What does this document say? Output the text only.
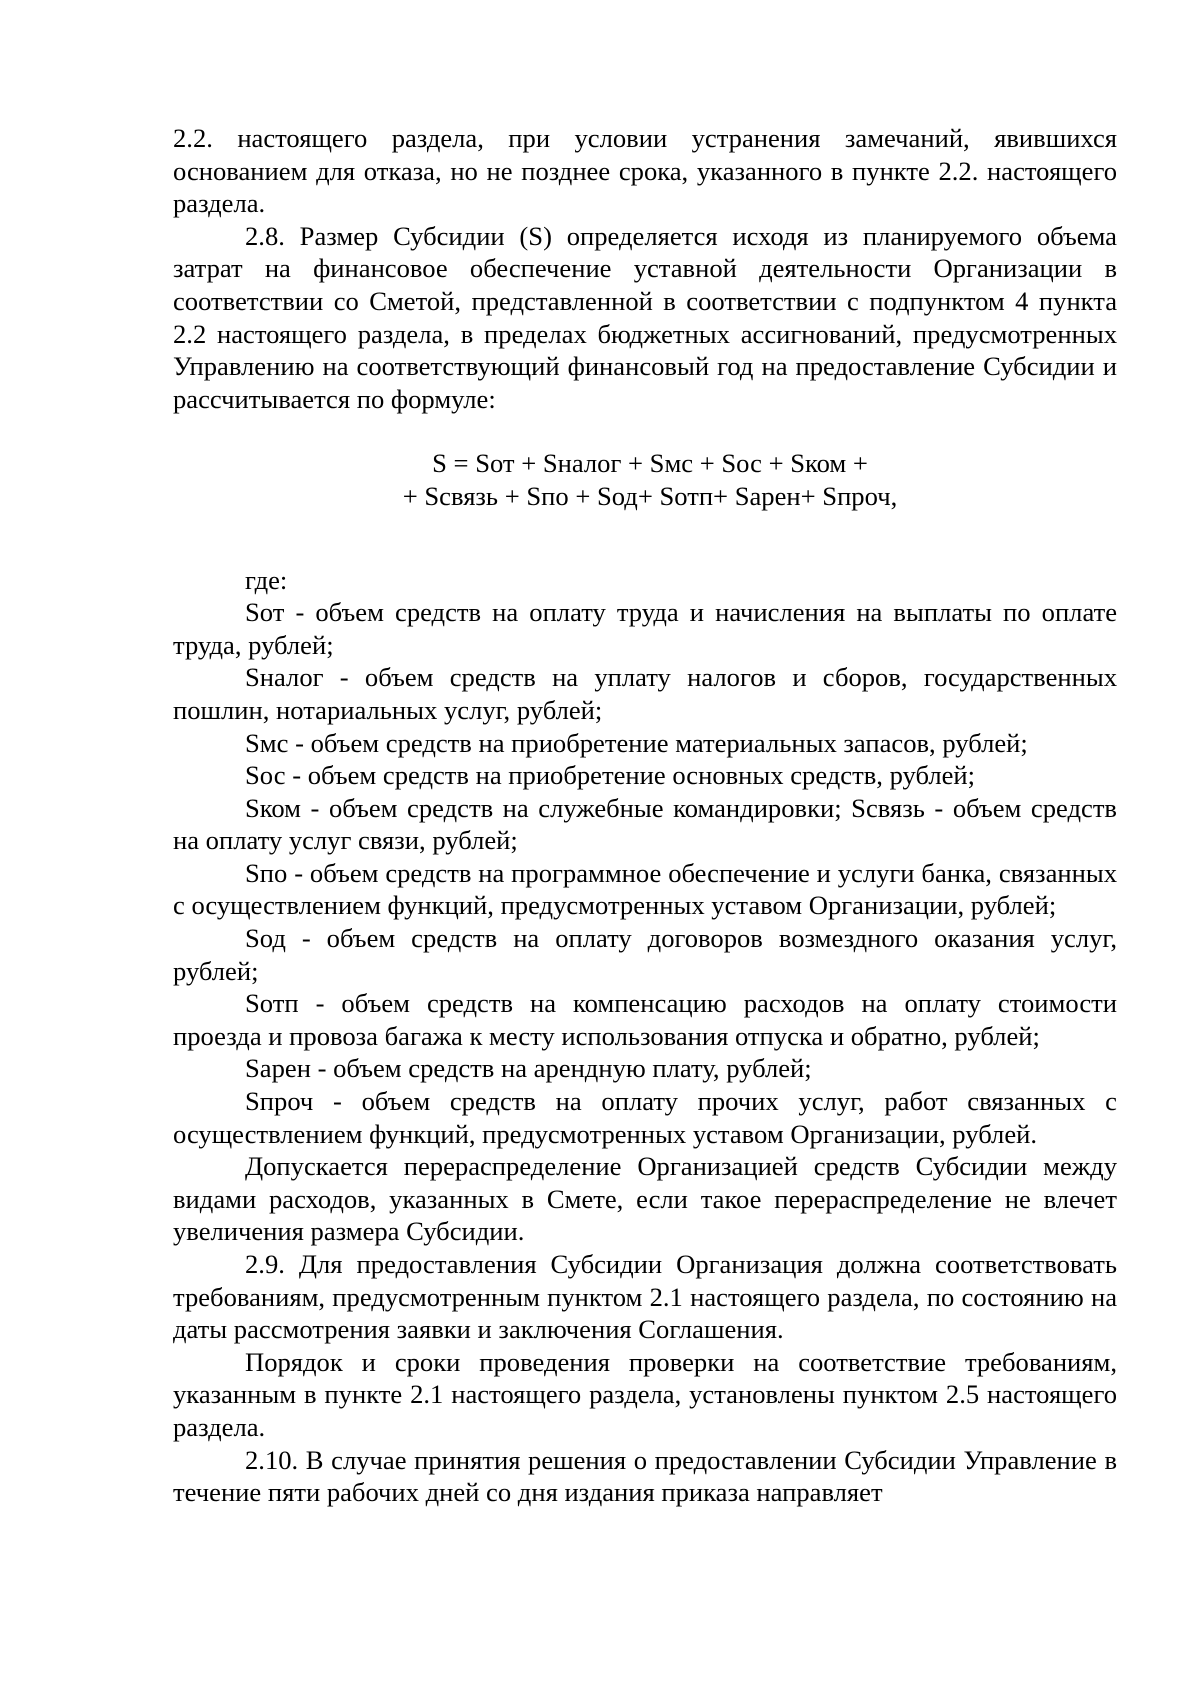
2.2. настоящего раздела, при условии устранения замечаний, явившихся основанием для отказа, но не позднее срока, указанного в пункте 2.2. настоящего раздела.

2.8. Размер Субсидии (S) определяется исходя из планируемого объема затрат на финансовое обеспечение уставной деятельности Организации в соответствии со Сметой, представленной в соответствии с подпунктом 4 пункта 2.2 настоящего раздела, в пределах бюджетных ассигнований, предусмотренных Управлению на соответствующий финансовый год на предоставление Субсидии и рассчитывается по формуле:

S = Sот + Sналог + Sмс + Sос + Sком +
+ Sсвязь + Sпо + Sод+ Sотп+ Sарен+ Sпроч,

где:

Sот - объем средств на оплату труда и начисления на выплаты по оплате труда, рублей;

Sналог - объем средств на уплату налогов и сборов, государственных пошлин, нотариальных услуг, рублей;

Sмс - объем средств на приобретение материальных запасов, рублей;

Sос - объем средств на приобретение основных средств, рублей;

Sком - объем средств на служебные командировки; Sсвязь - объем средств на оплату услуг связи, рублей;

Sпо - объем средств на программное обеспечение и услуги банка, связанных с осуществлением функций, предусмотренных уставом Организации, рублей;

Sод - объем средств на оплату договоров возмездного оказания услуг, рублей;

Sотп - объем средств на компенсацию расходов на оплату стоимости проезда и провоза багажа к месту использования отпуска и обратно, рублей;

Sарен - объем средств на арендную плату, рублей;

Sпроч - объем средств на оплату прочих услуг, работ связанных с осуществлением функций, предусмотренных уставом Организации, рублей.

Допускается перераспределение Организацией средств Субсидии между видами расходов, указанных в Смете, если такое перераспределение не влечет увеличения размера Субсидии.

2.9. Для предоставления Субсидии Организация должна соответствовать требованиям, предусмотренным пунктом 2.1 настоящего раздела, по состоянию на даты рассмотрения заявки и заключения Соглашения.

Порядок и сроки проведения проверки на соответствие требованиям, указанным в пункте 2.1 настоящего раздела, установлены пунктом 2.5 настоящего раздела.

2.10. В случае принятия решения о предоставлении Субсидии Управление в течение пяти рабочих дней со дня издания приказа направляет
